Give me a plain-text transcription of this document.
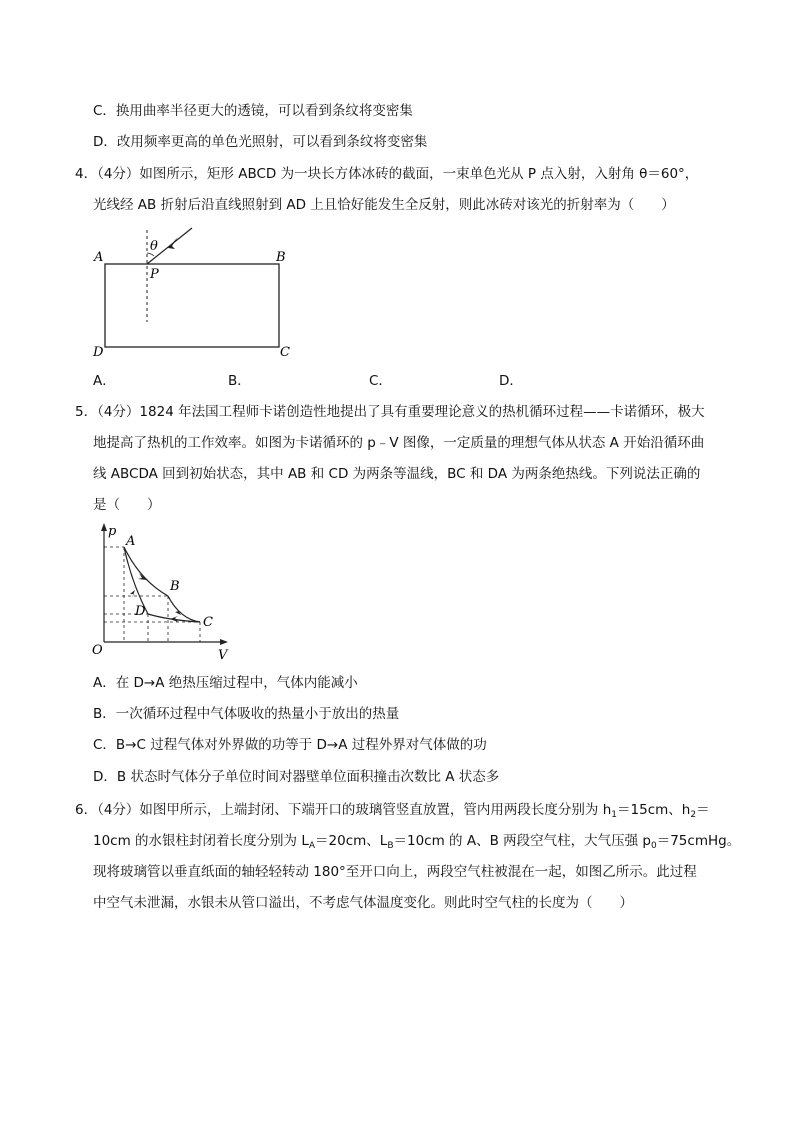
C．换用曲率半径更大的透镜，可以看到条纹将变密集
D．改用频率更高的单色光照射，可以看到条纹将变密集
4．（4分）如图所示，矩形 ABCD 为一块长方体冰砖的截面，一束单色光从 P 点入射，入射角 θ＝60°，
光线经 AB 折射后沿直线照射到 AD 上且恰好能发生全反射，则此冰砖对该光的折射率为（　　）
θ
A	B
P
D	C
A．	B．	C．	D．
5．（4分）1824 年法国工程师卡诺创造性地提出了具有重要理论意义的热机循环过程——卡诺循环，极大
地提高了热机的工作效率。如图为卡诺循环的 p﹣V 图像，一定质量的理想气体从状态 A 开始沿循环曲
线 ABCDA 回到初始状态，其中 AB 和 CD 为两条等温线，BC 和 DA 为两条绝热线。下列说法正确的
是（　　）
p
V
O
A
B
C
D
A．在 D→A 绝热压缩过程中，气体内能减小
B．一次循环过程中气体吸收的热量小于放出的热量
C．B→C 过程气体对外界做的功等于 D→A 过程外界对气体做的功
D．B 状态时气体分子单位时间对器壁单位面积撞击次数比 A 状态多
6．（4分）如图甲所示，上端封闭、下端开口的玻璃管竖直放置，管内用两段长度分别为 $h_1=15cm$、$h_2=$
10cm 的水银柱封闭着长度分别为 $L_A=20cm$、$L_B=10cm$ 的 A、B 两段空气柱，大气压强 $p_0=75cmHg$。
现将玻璃管以垂直纸面的轴轻轻转动 180°至开口向上，两段空气柱被混在一起，如图乙所示。此过程
中空气未泄漏，水银未从管口溢出，不考虑气体温度变化。则此时空气柱的长度为（　　）
